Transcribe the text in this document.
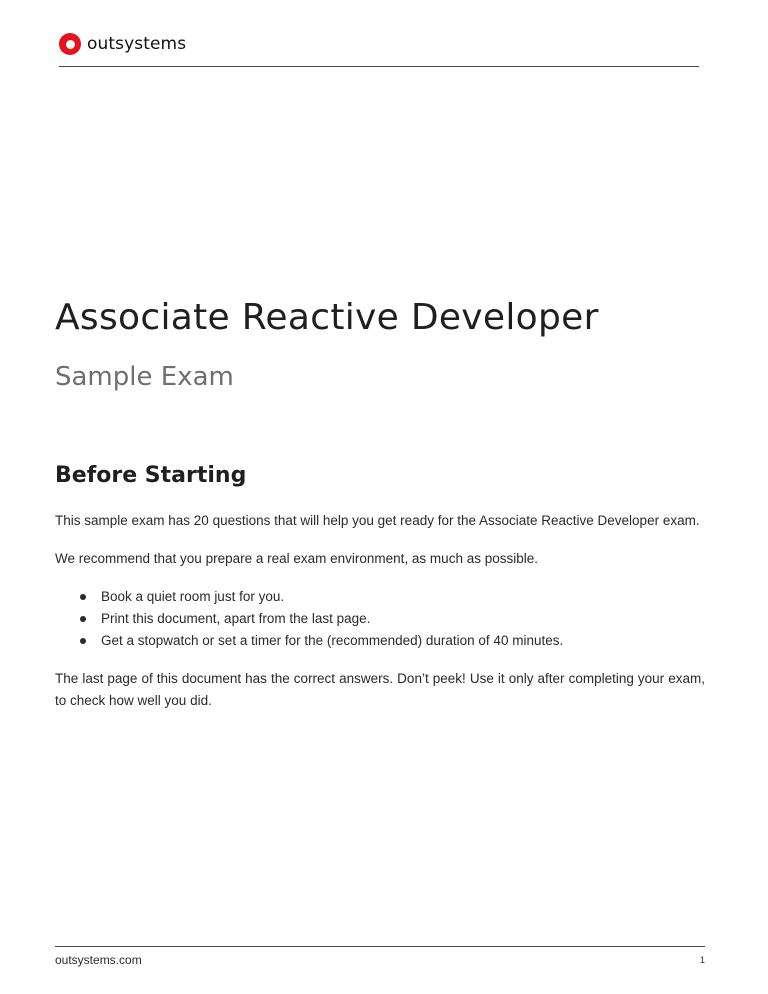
outsystems
Associate Reactive Developer
Sample Exam
Before Starting

This sample exam has 20 questions that will help you get ready for the Associate Reactive Developer exam.

We recommend that you prepare a real exam environment, as much as possible.

Book a quiet room just for you.
Print this document, apart from the last page.
Get a stopwatch or set a timer for the (recommended) duration of 40 minutes.

The last page of this document has the correct answers. Don’t peek! Use it only after completing your exam, to check how well you did.

outsystems.com	1
